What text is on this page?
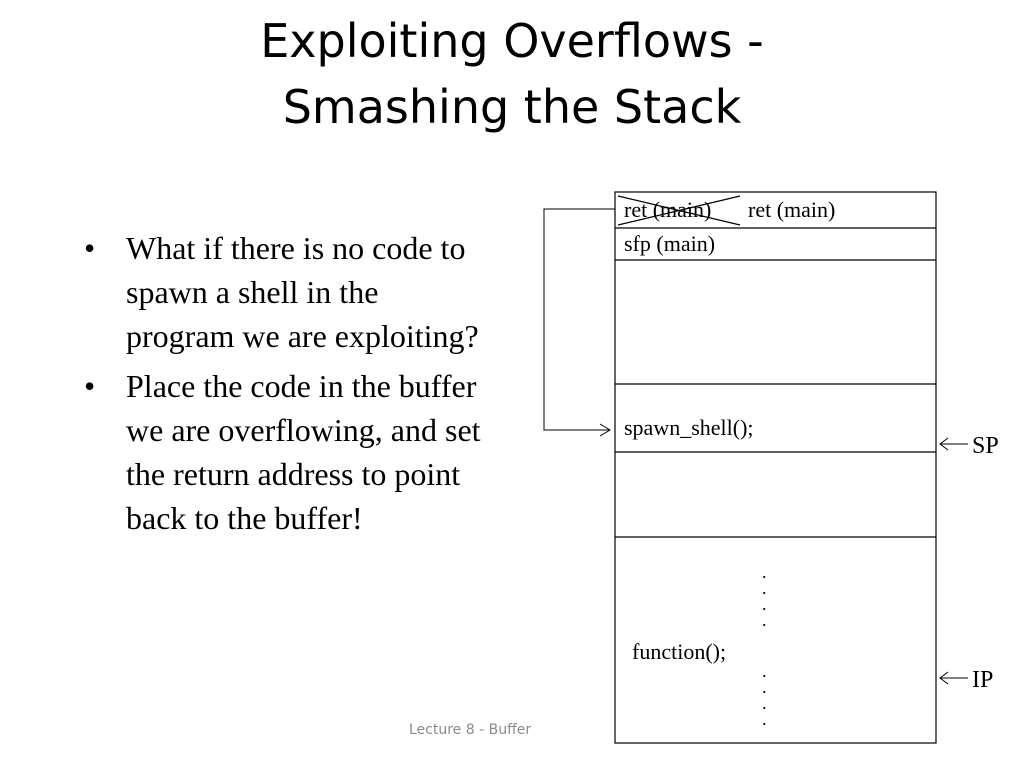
Exploiting Overflows -
Smashing the Stack
• What if there is no code to spawn a shell in the program we are exploiting?
• Place the code in the buffer we are overflowing, and set the return address to point back to the buffer!
Lecture 8 - Buffer
ret (main) ret (main)
sfp (main)
spawn_shell();
.
.
.
.
function();
.
.
.
.
SP
IP
